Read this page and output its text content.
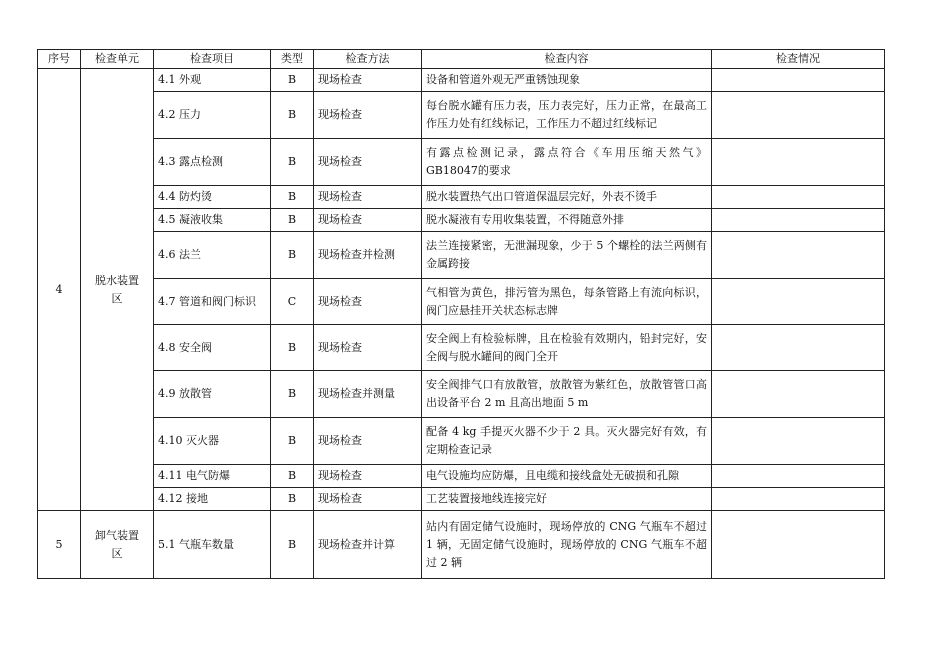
序号	检查单元	检查项目	类型	检查方法	检查内容	检查情况
4	脱水装置区	4.1 外观	B	现场检查	设备和管道外观无严重锈蚀现象	
		4.2 压力	B	现场检查	每台脱水罐有压力表，压力表完好，压力正常，在最高工作压力处有红线标记，工作压力不超过红线标记	
		4.3 露点检测	B	现场检查	有露点检测记录，露点符合《车用压缩天然气》GB18047的要求	
		4.4 防灼烫	B	现场检查	脱水装置热气出口管道保温层完好，外表不烫手	
		4.5 凝液收集	B	现场检查	脱水凝液有专用收集装置，不得随意外排	
		4.6 法兰	B	现场检查并检测	法兰连接紧密，无泄漏现象，少于 5 个螺栓的法兰两侧有金属跨接	
		4.7 管道和阀门标识	C	现场检查	气相管为黄色，排污管为黑色，每条管路上有流向标识，阀门应悬挂开关状态标志牌	
		4.8 安全阀	B	现场检查	安全阀上有检验标牌，且在检验有效期内，铅封完好，安全阀与脱水罐间的阀门全开	
		4.9 放散管	B	现场检查并测量	安全阀排气口有放散管，放散管为紫红色，放散管管口高出设备平台 2 m 且高出地面 5 m	
		4.10 灭火器	B	现场检查	配备 4 kg 手提灭火器不少于 2 具。灭火器完好有效，有定期检查记录	
		4.11 电气防爆	B	现场检查	电气设施均应防爆，且电缆和接线盒处无破损和孔隙	
		4.12 接地	B	现场检查	工艺装置接地线连接完好	
5	卸气装置区	5.1 气瓶车数量	B	现场检查并计算	站内有固定储气设施时，现场停放的 CNG 气瓶车不超过 1 辆，无固定储气设施时，现场停放的 CNG 气瓶车不超过 2 辆	
